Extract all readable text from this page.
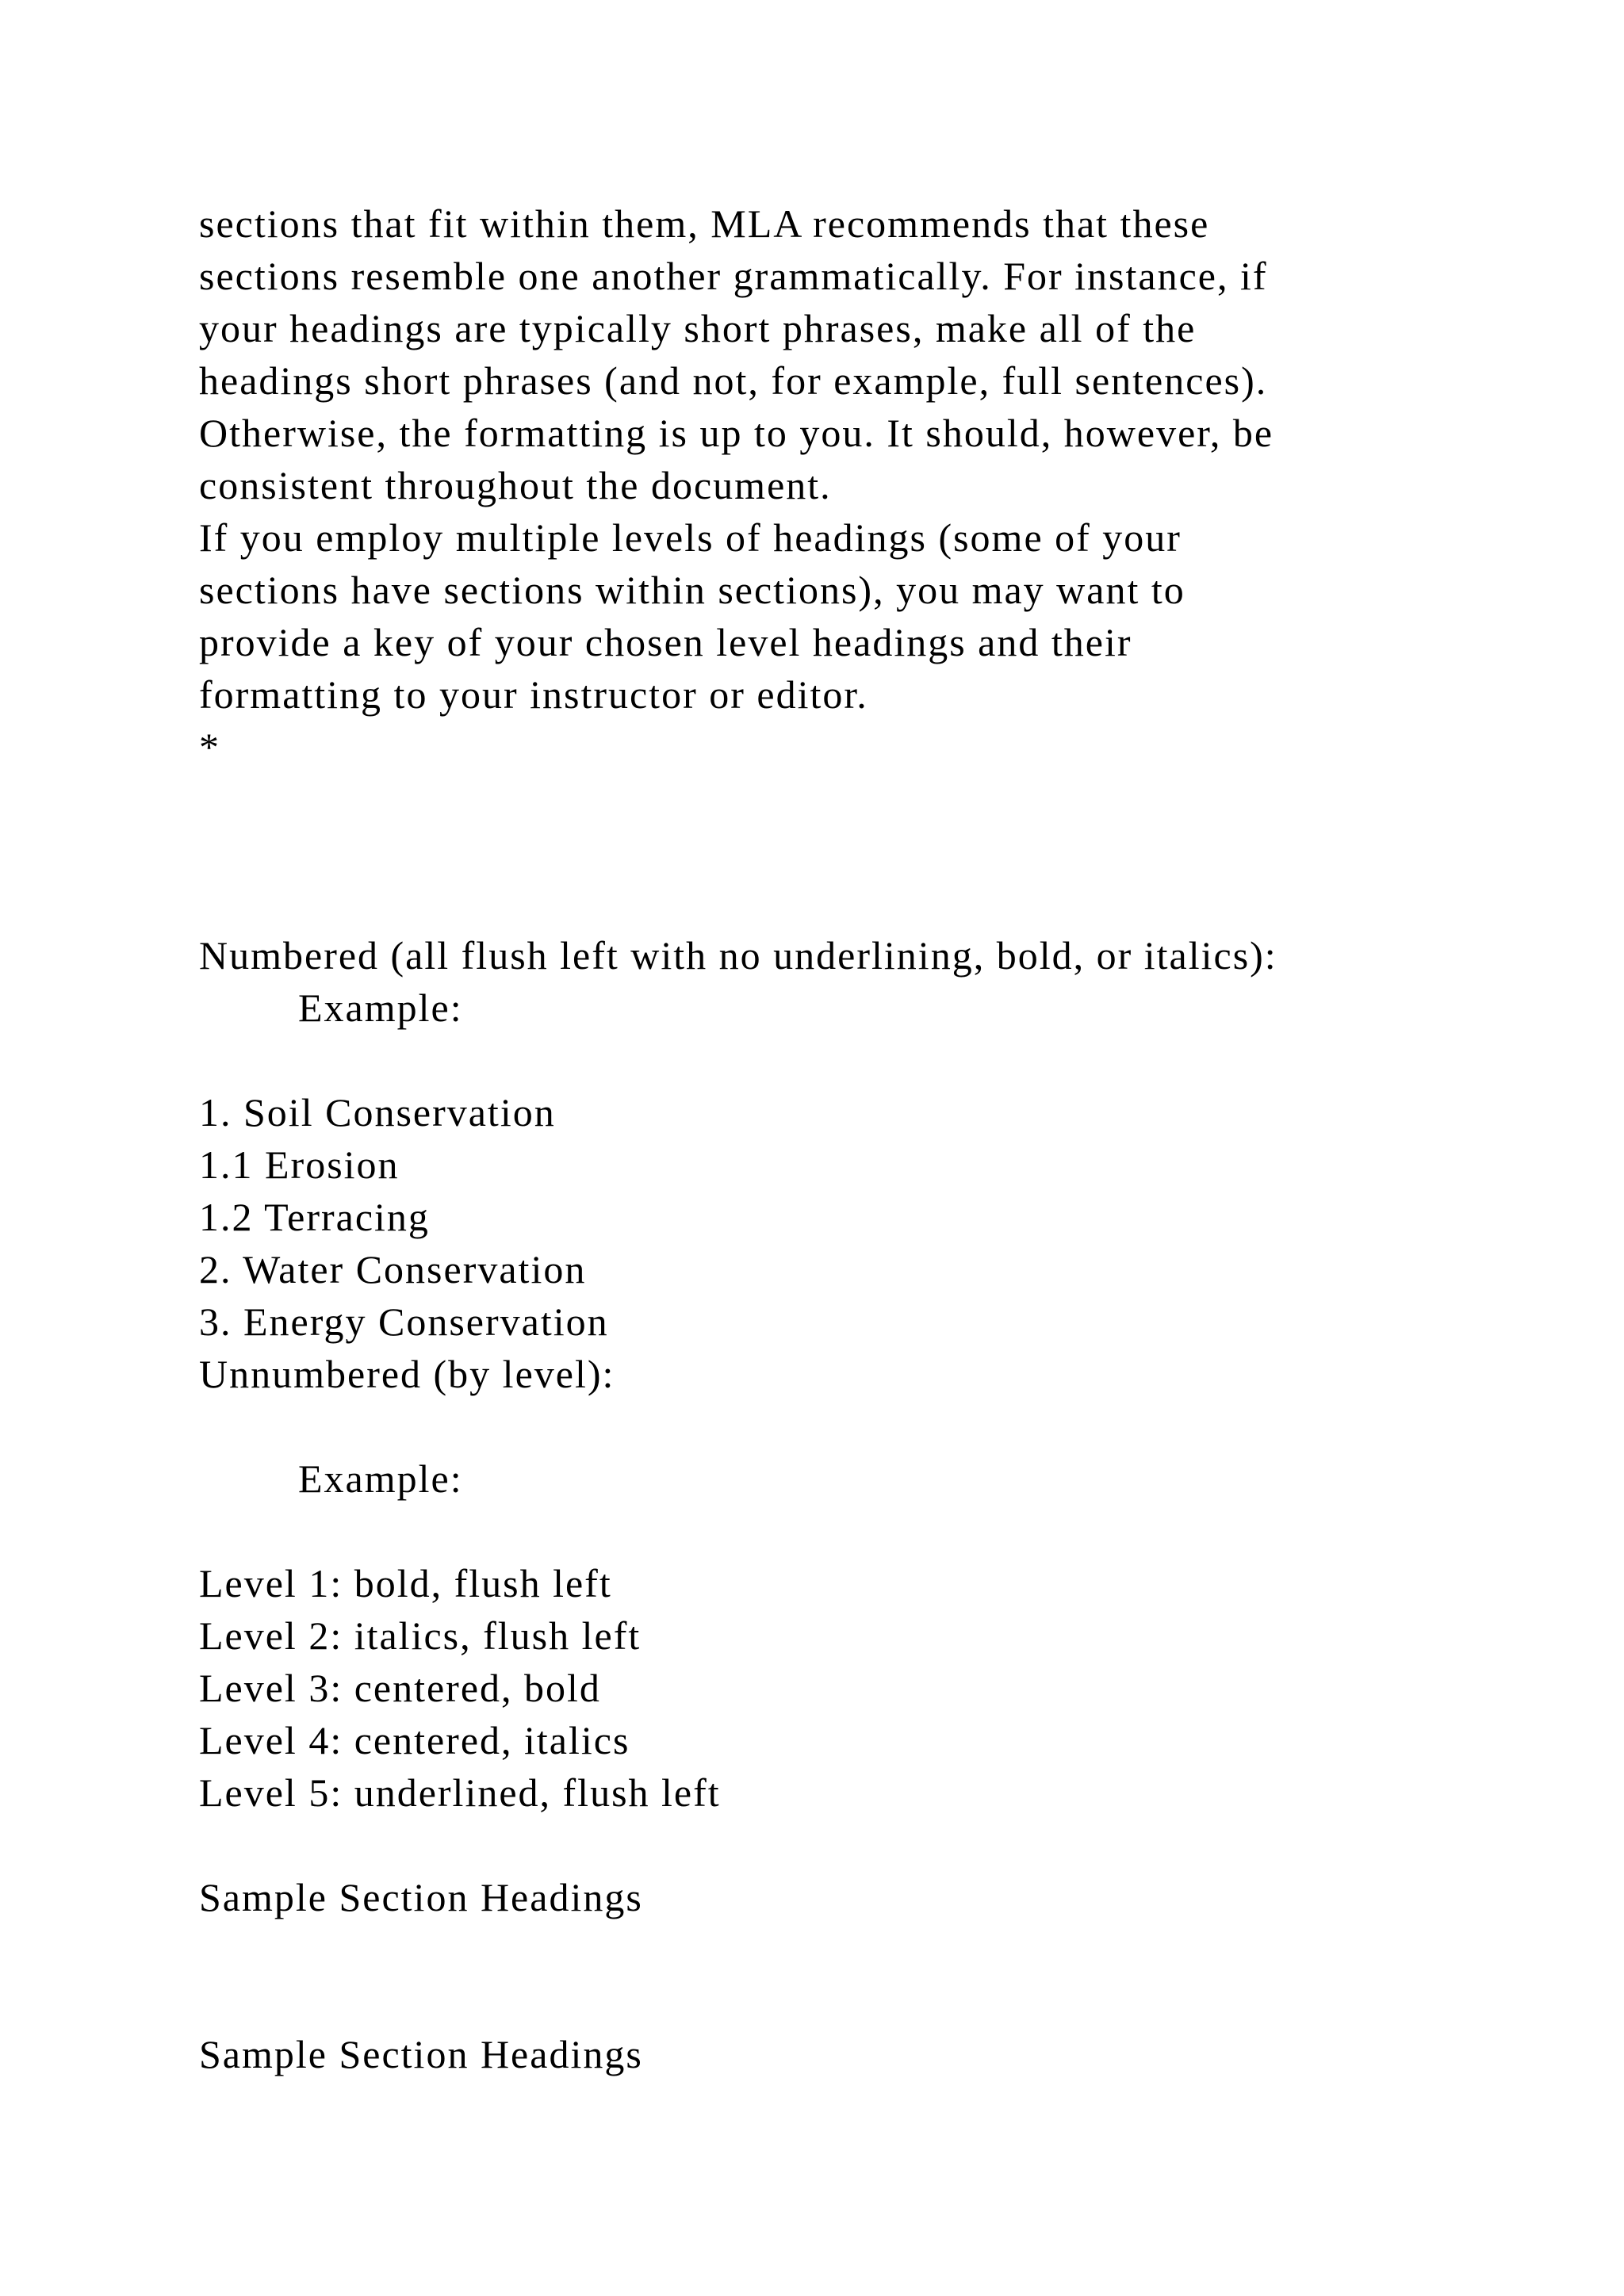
sections that fit within them, MLA recommends that these
sections resemble one another grammatically. For instance, if
your headings are typically short phrases, make all of the
headings short phrases (and not, for example, full sentences).
Otherwise, the formatting is up to you. It should, however, be
consistent throughout the document.
If you employ multiple levels of headings (some of your
sections have sections within sections), you may want to
provide a key of your chosen level headings and their
formatting to your instructor or editor.
*
Numbered (all flush left with no underlining, bold, or italics):
Example:
1. Soil Conservation
1.1 Erosion
1.2 Terracing
2. Water Conservation
3. Energy Conservation
Unnumbered (by level):
Example:
Level 1: bold, flush left
Level 2: italics, flush left
Level 3: centered, bold
Level 4: centered, italics
Level 5: underlined, flush left
Sample Section Headings
Sample Section Headings
